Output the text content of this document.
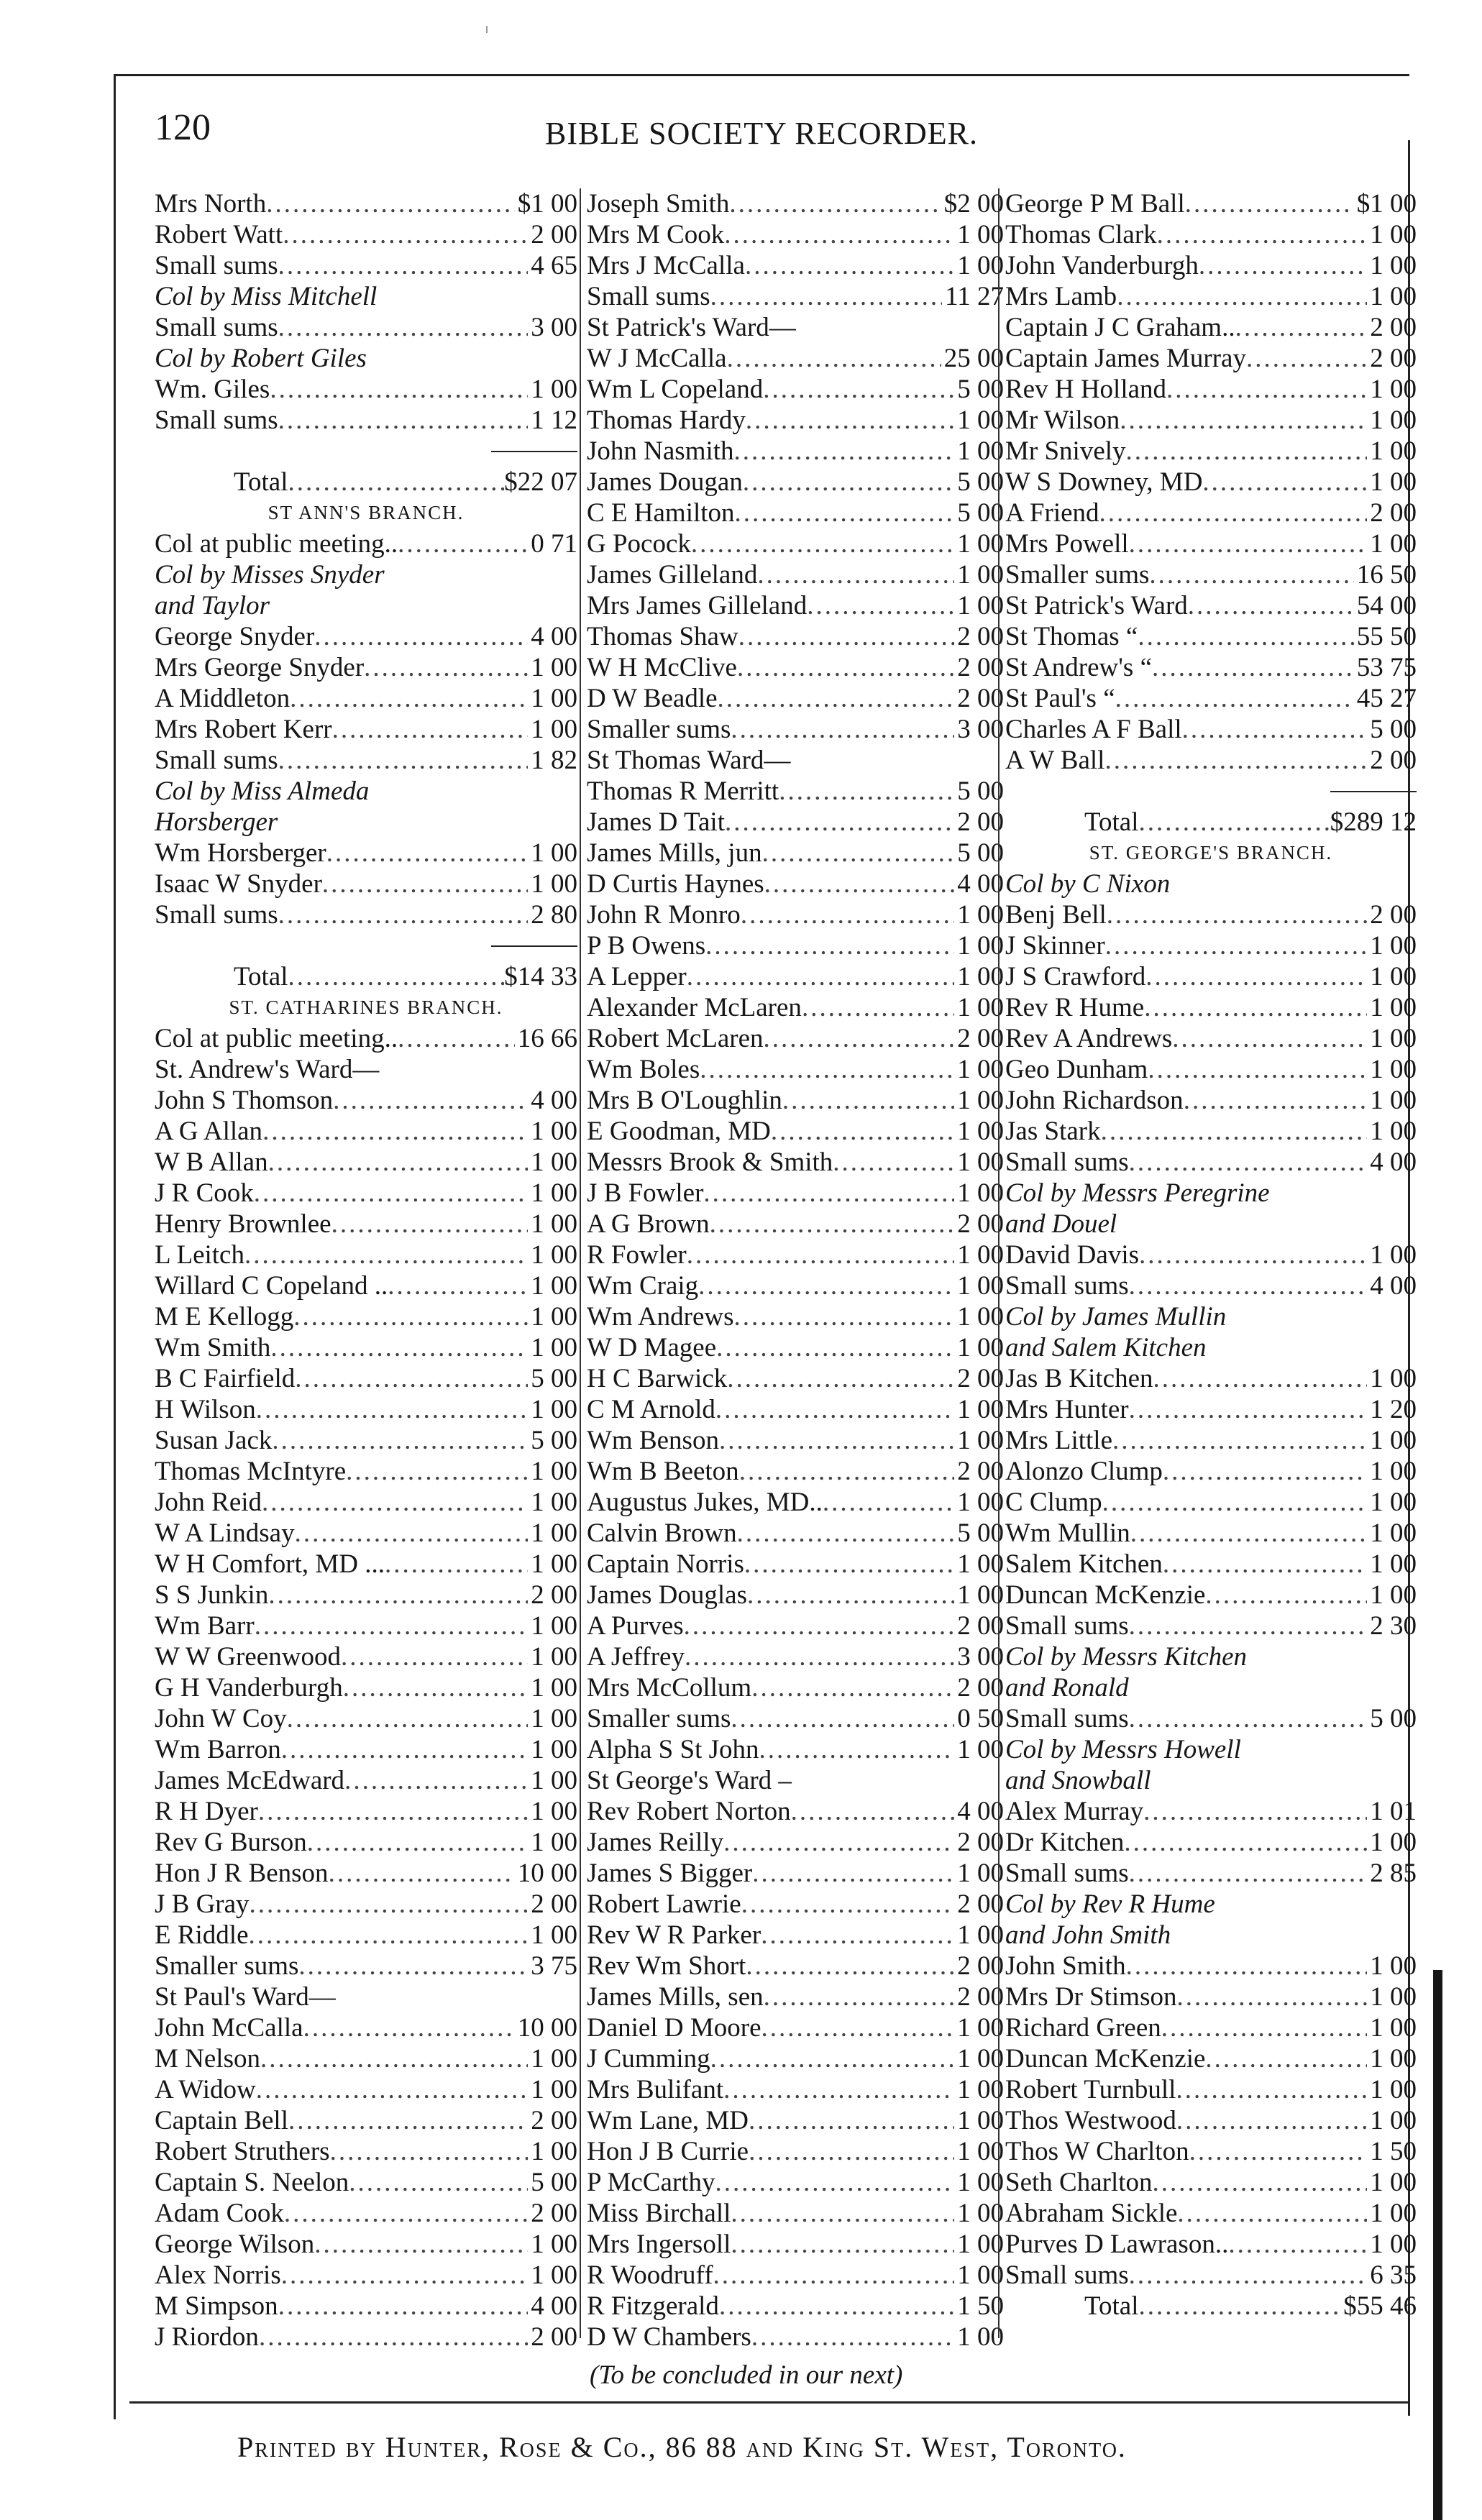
120	BIBLE SOCIETY RECORDER.
Mrs North .....	$1 00
Robert Watt .....	2 00
Small sums .....	4 65
Col by Miss Mitchell
Small sums .....	3 00
Col by Robert Giles
Wm. Giles .....	1 00
Small sums .....	1 12
Total .....	$22 07
ST ANN'S BRANCH.
Col at public meeting.. .....	0 71
Col by Misses Snyder
and Taylor
George Snyder .....	4 00
Mrs George Snyder .....	1 00
A Middleton .....	1 00
Mrs Robert Kerr .....	1 00
Small sums .....	1 82
Col by Miss Almeda
Horsberger
Wm Horsberger .....	1 00
Isaac W Snyder .....	1 00
Small sums .....	2 80
Total .....	$14 33
ST. CATHARINES BRANCH.
Col at public meeting.. .....	16 66
St. Andrew's Ward—
John S Thomson .....	4 00
A G Allan .....	1 00
W B Allan .....	1 00
J R Cook .....	1 00
Henry Brownlee .....	1 00
L Leitch .....	1 00
Willard C Copeland .. .....	1 00
M E Kellogg .....	1 00
Wm Smith .....	1 00
B C Fairfield .....	5 00
H Wilson .....	1 00
Susan Jack .....	5 00
Thomas McIntyre .....	1 00
John Reid .....	1 00
W A Lindsay .....	1 00
W H Comfort, MD ... .....	1 00
S S Junkin .....	2 00
Wm Barr .....	1 00
W W Greenwood .....	1 00
G H Vanderburgh .....	1 00
John W Coy .....	1 00
Wm Barron .....	1 00
James McEdward .....	1 00
R H Dyer .....	1 00
Rev G Burson .....	1 00
Hon J R Benson .....	10 00
J B Gray .....	2 00
E Riddle .....	1 00
Smaller sums .....	3 75
St Paul's Ward—
John McCalla .....	10 00
M Nelson .....	1 00
A Widow .....	1 00
Captain Bell .....	2 00
Robert Struthers .....	1 00
Captain S. Neelon .....	5 00
Adam Cook .....	2 00
George Wilson .....	1 00
Alex Norris .....	1 00
M Simpson .....	4 00
J Riordon .....	2 00
Joseph Smith .....	$2 00
Mrs M Cook .....	1 00
Mrs J McCalla .....	1 00
Small sums .....	11 27
St Patrick's Ward—
W J McCalla .....	25 00
Wm L Copeland .....	5 00
Thomas Hardy .....	1 00
John Nasmith .....	1 00
James Dougan .....	5 00
C E Hamilton .....	5 00
G Pocock .....	1 00
James Gilleland .....	1 00
Mrs James Gilleland .....	1 00
Thomas Shaw .....	2 00
W H McClive .....	2 00
D W Beadle .....	2 00
Smaller sums .....	3 00
St Thomas Ward—
Thomas R Merritt .....	5 00
James D Tait .....	2 00
James Mills, jun .....	5 00
D Curtis Haynes .....	4 00
John R Monro .....	1 00
P B Owens .....	1 00
A Lepper .....	1 00
Alexander McLaren .....	1 00
Robert McLaren .....	2 00
Wm Boles .....	1 00
Mrs B O'Loughlin .....	1 00
E Goodman, MD .....	1 00
Messrs Brook & Smith .....	1 00
J B Fowler .....	1 00
A G Brown .....	2 00
R Fowler .....	1 00
Wm Craig .....	1 00
Wm Andrews .....	1 00
W D Magee .....	1 00
H C Barwick .....	2 00
C M Arnold .....	1 00
Wm Benson .....	1 00
Wm B Beeton .....	2 00
Augustus Jukes, MD.. .....	1 00
Calvin Brown .....	5 00
Captain Norris .....	1 00
James Douglas .....	1 00
A Purves .....	2 00
A Jeffrey .....	3 00
Mrs McCollum .....	2 00
Smaller sums .....	0 50
Alpha S St John .....	1 00
St George's Ward –
Rev Robert Norton .....	4 00
James Reilly .....	2 00
James S Bigger .....	1 00
Robert Lawrie .....	2 00
Rev W R Parker .....	1 00
Rev Wm Short .....	2 00
James Mills, sen .....	2 00
Daniel D Moore .....	1 00
J Cumming .....	1 00
Mrs Bulifant .....	1 00
Wm Lane, MD .....	1 00
Hon J B Currie .....	1 00
P McCarthy .....	1 00
Miss Birchall .....	1 00
Mrs Ingersoll .....	1 00
R Woodruff .....	1 00
R Fitzgerald .....	1 50
D W Chambers .....	1 00
George P M Ball .....	$1 00
Thomas Clark .....	1 00
John Vanderburgh .....	1 00
Mrs Lamb .....	1 00
Captain J C Graham.. .....	2 00
Captain James Murray .....	2 00
Rev H Holland .....	1 00
Mr Wilson .....	1 00
Mr Snively .....	1 00
W S Downey, MD .....	1 00
A Friend .....	2 00
Mrs Powell .....	1 00
Smaller sums .....	16 50
St Patrick's Ward .....	54 00
St Thomas “ .....	55 50
St Andrew's “ .....	53 75
St Paul's “ .....	45 27
Charles A F Ball .....	5 00
A W Ball .....	2 00
Total .....	$289 12
ST. GEORGE'S BRANCH.
Col by C Nixon
Benj Bell .....	2 00
J Skinner .....	1 00
J S Crawford .....	1 00
Rev R Hume .....	1 00
Rev A Andrews .....	1 00
Geo Dunham .....	1 00
John Richardson .....	1 00
Jas Stark .....	1 00
Small sums .....	4 00
Col by Messrs Peregrine
and Douel
David Davis .....	1 00
Small sums .....	4 00
Col by James Mullin
and Salem Kitchen
Jas B Kitchen .....	1 00
Mrs Hunter .....	1 20
Mrs Little .....	1 00
Alonzo Clump .....	1 00
C Clump .....	1 00
Wm Mullin .....	1 00
Salem Kitchen .....	1 00
Duncan McKenzie .....	1 00
Small sums .....	2 30
Col by Messrs Kitchen
and Ronald
Small sums .....	5 00
Col by Messrs Howell
and Snowball
Alex Murray .....	1 01
Dr Kitchen .....	1 00
Small sums .....	2 85
Col by Rev R Hume
and John Smith
John Smith .....	1 00
Mrs Dr Stimson .....	1 00
Richard Green .....	1 00
Duncan McKenzie .....	1 00
Robert Turnbull .....	1 00
Thos Westwood .....	1 00
Thos W Charlton .....	1 50
Seth Charlton .....	1 00
Abraham Sickle .....	1 00
Purves D Lawrason.. .....	1 00
Small sums .....	6 35
Total .....	$55 46
(To be concluded in our next)
Printed by Hunter, Rose & Co., 86 88 and King St. West, Toronto.
